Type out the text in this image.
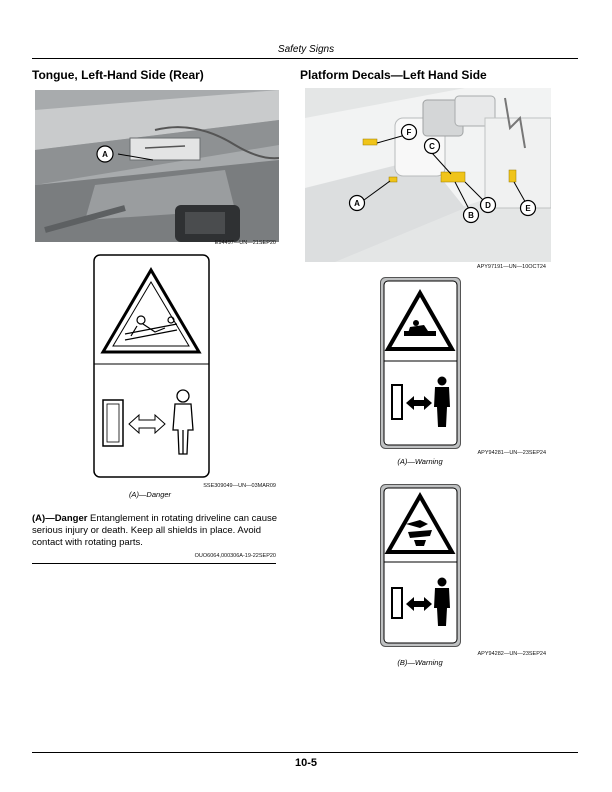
Safety Signs
Tongue, Left-Hand Side (Rear)
A
E94497—UN—21SEP20
SSE309049—UN—03MAR09
(A)—Danger
(A)—Danger Entanglement in rotating driveline can cause serious injury or death. Keep all shields in place. Avoid contact with rotating parts.
OUO6064,000306A-19-22SEP20
Platform Decals—Left Hand Side
F
C
A
B
D	E
APY97191—UN—10OCT24
APY94281—UN—23SEP24
(A)—Warning
APY94282—UN—23SEP24
(B)—Warning
10-5
